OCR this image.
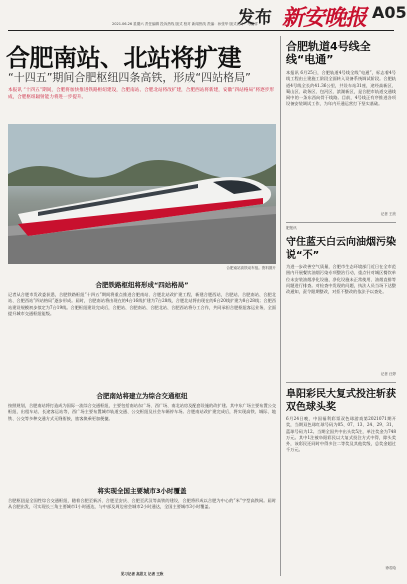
发布 新安晚报 A05
2021.06.26 星期六 责任编辑 投诉热线 版式 校对 新闻热线 责编：孙张华 版式设计：马骏祥
合肥南站、北站将扩建
“十四五”期间合肥枢纽四条高铁，形成“四站格局”
本报讯 “十四五”期间，合肥将加快推进铁路枢纽建设，合肥南站、合肥北站将改扩建，合肥西站将新建，安徽“四站格局”将逐步形成，合肥枢纽辐射能力将进一步提升。
合肥南站高铁动车组。资料图片
合肥铁路枢纽将形成“四站格局”
记者从合肥市发改委获悉，合肥铁路枢纽“十四五”期间将重点推进合肥南站、合肥北站改扩建工程，新建合肥西站，合肥站、合肥南站、合肥北站、合肥西站“四站格局”逐步形成。届时，合肥南站将由现在的4台16线扩建为7台28线，合肥北站将由现在的6台20线扩建为8台28线；合肥西站建设规模初步拟定为7台19线。合肥枢纽建设完成后，合肥站、合肥南站、合肥北站、合肥西站将分工合作，共同承担合肥枢纽客运业务，全面提升城市交通枢纽能级。
合肥南站将建立为综合交通枢纽
按照规划，合肥南站将打造成为国际一流综合交通枢纽，主要包括南站东广场、西广场、南北站房及配套设施的改扩建。其中东广场主要布置公交枢纽、出租车站、长途客运站等，西广场主要布置城市轨道交通、公交枢纽及社会车辆停车场。合肥南站改扩建完成后，将实现高铁、城际、地铁、公交等多种交通方式无缝衔接，旅客换乘更加便捷。
将实现全国主要城市3小时覆盖
合肥枢纽是全国性综合交通枢纽，随着合肥至新沂、合肥至安庆、合肥至武汉等高铁的建设，合肥将形成以合肥为中心的“米”字型高铁网。届时从合肥出发，可实现长三角主要城市1小时通达，与中部及周边省会城市2小时通达，全国主要城市3小时覆盖。
合肥轨道4号线全线“电通”
本报讯 6月25日，合肥轨道4号线全线“电通”，标志着4号线工程由土建施工阶段全面转入设备系统调试阶段。合肥轨道4号线全长约41.36公里，共设车站31座，途经高新区、蜀山区、政务区、包河区、滨湖新区，是合肥市轨道交通线网中的一条东西向骨干线路。目前，4号线正有序推进各项设备安装调试工作，为年内开通运营打下坚实基础。
记者 王欣
肥报讯
守住蓝天白云向油烟污染说“不”
为进一步改善空气质量，合肥市生态环境部门近日在全市范围内开展餐饮油烟污染专项整治行动，重点针对城区餐饮单位未安装油烟净化设施、净化设施未正常使用、油烟直排等问题进行排查。对检查中发现的问题，执法人员当场下达整改通知，责令限期整改，对拒不整改的依法予以查处。
记者 汪婷
阜阳彩民大复式投注斩获双色球头奖
6月24日晚，中国福利彩票双色球游戏第2021071期开奖，当期双色球红球号码为05、07、13、24、29、31，蓝球号码为12。当期全国共中出头奖5注，单注奖金为748万元。其中1注被阜阳彩民以大复式投注方式中得，除头奖外，该彩民还同时中得多注二等奖及其他奖级，总奖金超过千万元。
徐若晗
见习记者 高思义 记者 王欣
